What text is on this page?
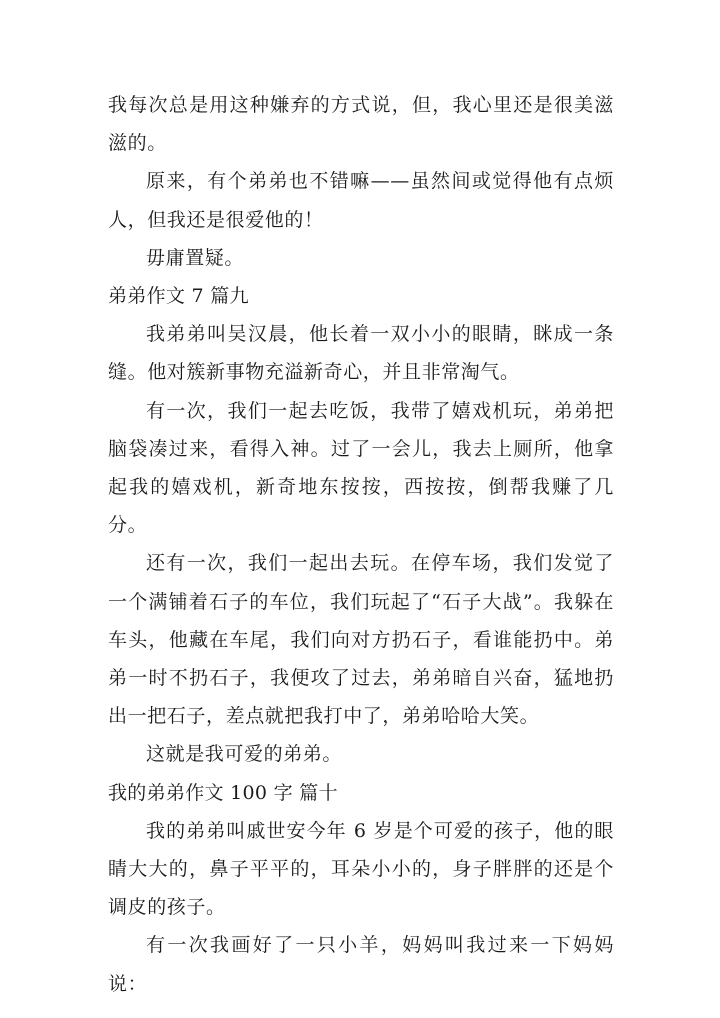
我每次总是用这种嫌弃的方式说，但，我心里还是很美滋滋的。

原来，有个弟弟也不错嘛——虽然间或觉得他有点烦人，但我还是很爱他的！

毋庸置疑。

弟弟作文 7 篇九

我弟弟叫吴汉晨，他长着一双小小的眼睛，眯成一条缝。他对簇新事物充溢新奇心，并且非常淘气。

有一次，我们一起去吃饭，我带了嬉戏机玩，弟弟把脑袋凑过来，看得入神。过了一会儿，我去上厕所，他拿起我的嬉戏机，新奇地东按按，西按按，倒帮我赚了几分。

还有一次，我们一起出去玩。在停车场，我们发觉了一个满铺着石子的车位，我们玩起了“石子大战”。我躲在车头，他藏在车尾，我们向对方扔石子，看谁能扔中。弟弟一时不扔石子，我便攻了过去，弟弟暗自兴奋，猛地扔出一把石子，差点就把我打中了，弟弟哈哈大笑。

这就是我可爱的弟弟。

我的弟弟作文 100 字 篇十

我的弟弟叫戚世安今年 6 岁是个可爱的孩子，他的眼睛大大的，鼻子平平的，耳朵小小的，身子胖胖的还是个调皮的孩子。

有一次我画好了一只小羊，妈妈叫我过来一下妈妈说：
